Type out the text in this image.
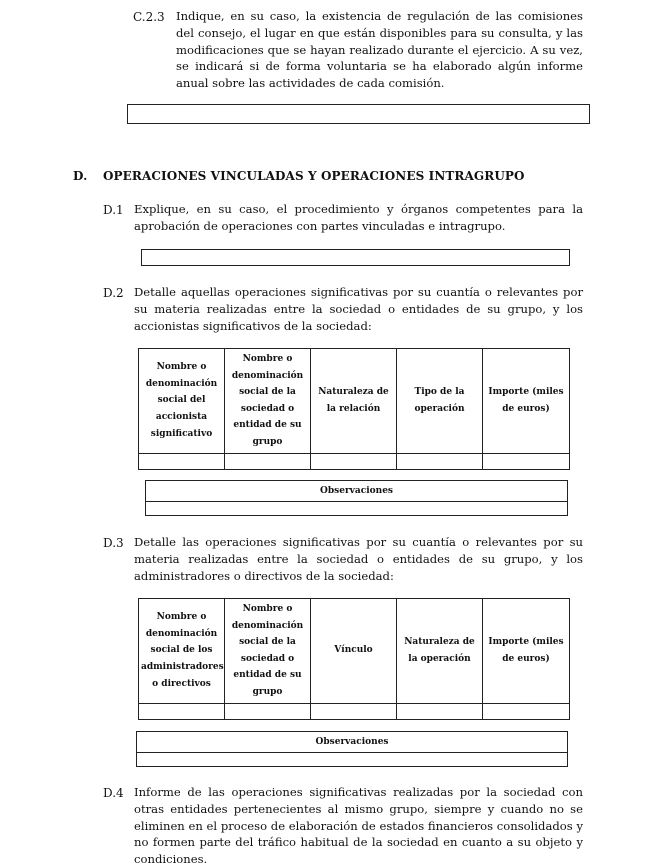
C.2.3 Indique, en su caso, la existencia de regulación de las comisiones del consejo, el lugar en que están disponibles para su consulta, y las modificaciones que se hayan realizado durante el ejercicio. A su vez, se indicará si de forma voluntaria se ha elaborado algún informe anual sobre las actividades de cada comisión.
D. OPERACIONES VINCULADAS Y OPERACIONES INTRAGRUPO
D.1 Explique, en su caso, el procedimiento y órganos competentes para la aprobación de operaciones con partes vinculadas e intragrupo.
D.2 Detalle aquellas operaciones significativas por su cuantía o relevantes por su materia realizadas entre la sociedad o entidades de su grupo, y los accionistas significativos de la sociedad:
Nombre o denominación social del accionista significativo	Nombre o denominación social de la sociedad o entidad de su grupo	Naturaleza de la relación	Tipo de la operación	Importe (miles de euros)

Observaciones

D.3 Detalle las operaciones significativas por su cuantía o relevantes por su materia realizadas entre la sociedad o entidades de su grupo, y los administradores o directivos de la sociedad:
Nombre o denominación social de los administradores o directivos	Nombre o denominación social de la sociedad o entidad de su grupo	Vínculo	Naturaleza de la operación	Importe (miles de euros)

Observaciones

D.4 Informe de las operaciones significativas realizadas por la sociedad con otras entidades pertenecientes al mismo grupo, siempre y cuando no se eliminen en el proceso de elaboración de estados financieros consolidados y no formen parte del tráfico habitual de la sociedad en cuanto a su objeto y condiciones.
